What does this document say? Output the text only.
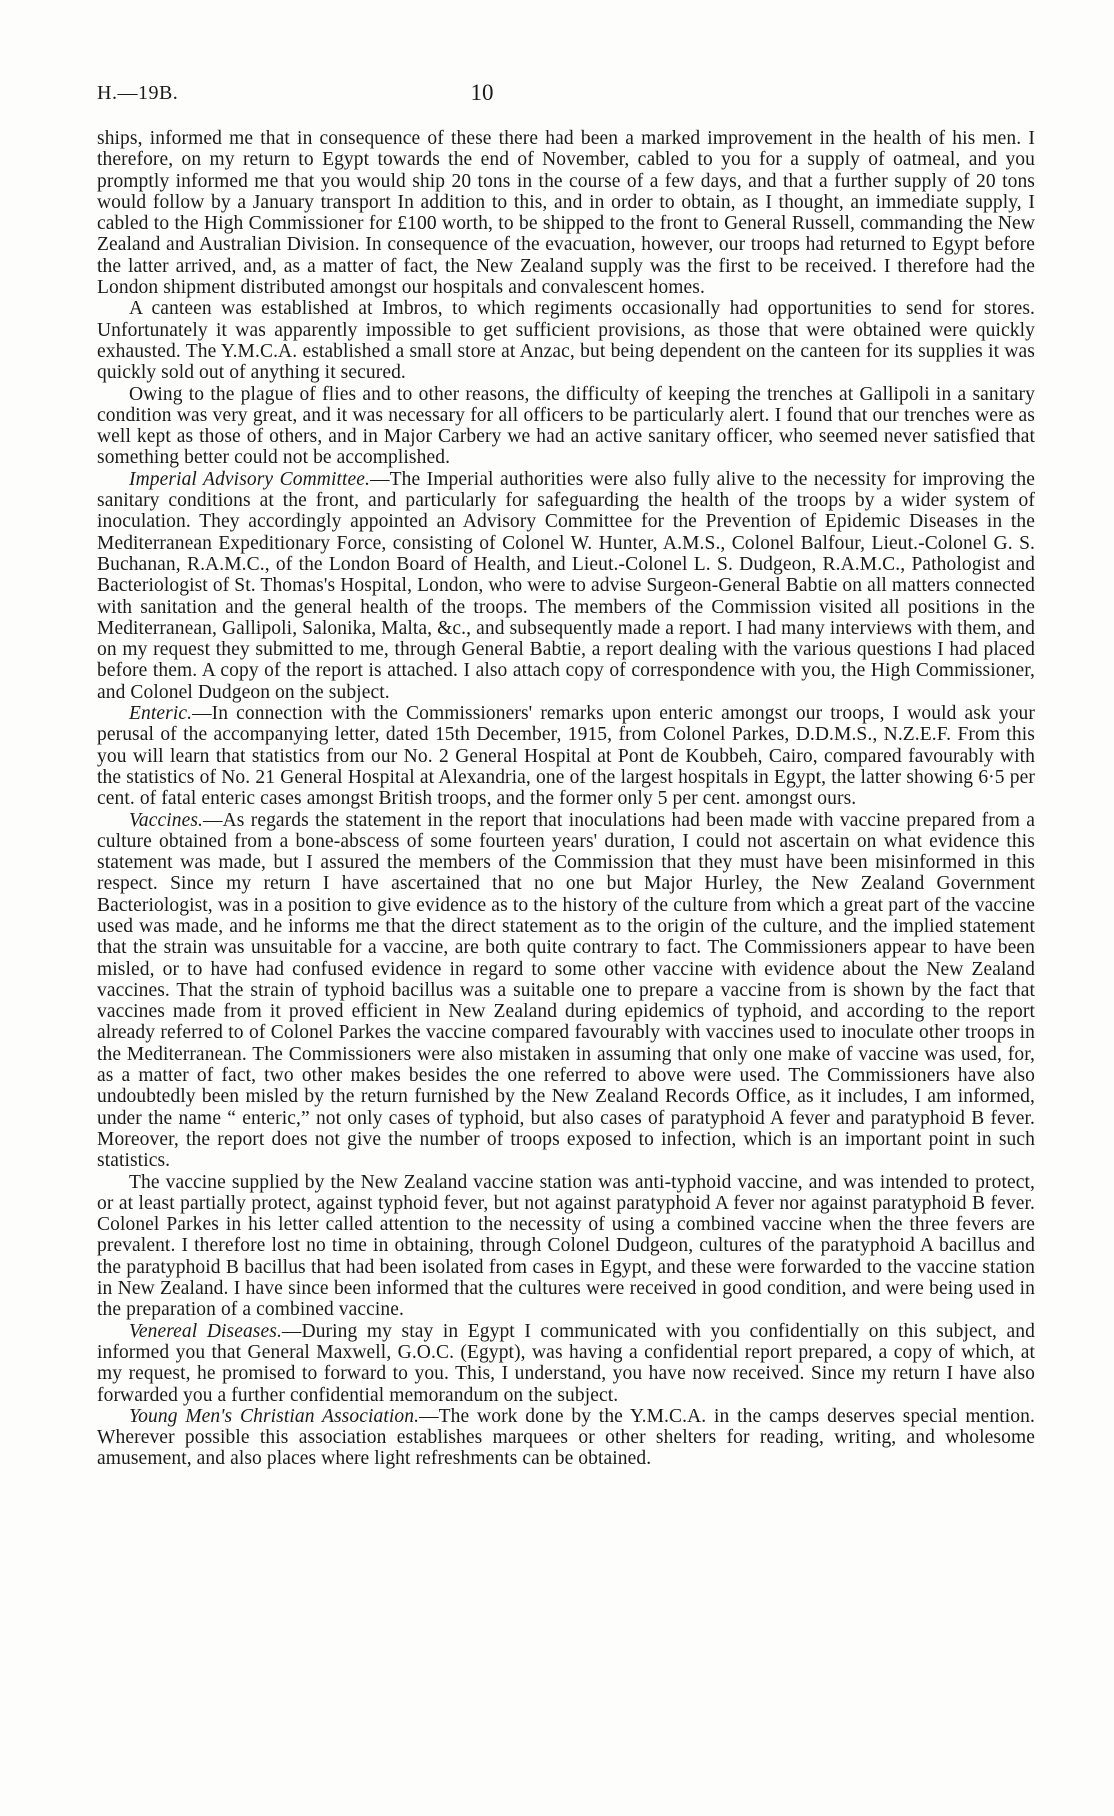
H.—19B.	10

ships, informed me that in consequence of these there had been a marked improvement in the health of his men. I therefore, on my return to Egypt towards the end of November, cabled to you for a supply of oatmeal, and you promptly informed me that you would ship 20 tons in the course of a few days, and that a further supply of 20 tons would follow by a January transport In addition to this, and in order to obtain, as I thought, an immediate supply, I cabled to the High Commissioner for £100 worth, to be shipped to the front to General Russell, commanding the New Zealand and Australian Division. In consequence of the evacuation, however, our troops had returned to Egypt before the latter arrived, and, as a matter of fact, the New Zealand supply was the first to be received. I therefore had the London shipment distributed amongst our hospitals and convalescent homes.

A canteen was established at Imbros, to which regiments occasionally had opportunities to send for stores. Unfortunately it was apparently impossible to get sufficient provisions, as those that were obtained were quickly exhausted. The Y.M.C.A. established a small store at Anzac, but being dependent on the canteen for its supplies it was quickly sold out of anything it secured.

Owing to the plague of flies and to other reasons, the difficulty of keeping the trenches at Gallipoli in a sanitary condition was very great, and it was necessary for all officers to be particularly alert. I found that our trenches were as well kept as those of others, and in Major Carbery we had an active sanitary officer, who seemed never satisfied that something better could not be accomplished.

Imperial Advisory Committee.—The Imperial authorities were also fully alive to the necessity for improving the sanitary conditions at the front, and particularly for safeguarding the health of the troops by a wider system of inoculation. They accordingly appointed an Advisory Committee for the Prevention of Epidemic Diseases in the Mediterranean Expeditionary Force, consisting of Colonel W. Hunter, A.M.S., Colonel Balfour, Lieut.-Colonel G. S. Buchanan, R.A.M.C., of the London Board of Health, and Lieut.-Colonel L. S. Dudgeon, R.A.M.C., Pathologist and Bacteriologist of St. Thomas's Hospital, London, who were to advise Surgeon-General Babtie on all matters connected with sanitation and the general health of the troops. The members of the Commission visited all positions in the Mediterranean, Gallipoli, Salonika, Malta, &c., and subsequently made a report. I had many interviews with them, and on my request they submitted to me, through General Babtie, a report dealing with the various questions I had placed before them. A copy of the report is attached. I also attach copy of correspondence with you, the High Commissioner, and Colonel Dudgeon on the subject.

Enteric.—In connection with the Commissioners' remarks upon enteric amongst our troops, I would ask your perusal of the accompanying letter, dated 15th December, 1915, from Colonel Parkes, D.D.M.S., N.Z.E.F. From this you will learn that statistics from our No. 2 General Hospital at Pont de Koubbeh, Cairo, compared favourably with the statistics of No. 21 General Hospital at Alexandria, one of the largest hospitals in Egypt, the latter showing 6·5 per cent. of fatal enteric cases amongst British troops, and the former only 5 per cent. amongst ours.

Vaccines.—As regards the statement in the report that inoculations had been made with vaccine prepared from a culture obtained from a bone-abscess of some fourteen years' duration, I could not ascertain on what evidence this statement was made, but I assured the members of the Commission that they must have been misinformed in this respect. Since my return I have ascertained that no one but Major Hurley, the New Zealand Government Bacteriologist, was in a position to give evidence as to the history of the culture from which a great part of the vaccine used was made, and he informs me that the direct statement as to the origin of the culture, and the implied statement that the strain was unsuitable for a vaccine, are both quite contrary to fact. The Commissioners appear to have been misled, or to have had confused evidence in regard to some other vaccine with evidence about the New Zealand vaccines. That the strain of typhoid bacillus was a suitable one to prepare a vaccine from is shown by the fact that vaccines made from it proved efficient in New Zealand during epidemics of typhoid, and according to the report already referred to of Colonel Parkes the vaccine compared favourably with vaccines used to inoculate other troops in the Mediterranean. The Commissioners were also mistaken in assuming that only one make of vaccine was used, for, as a matter of fact, two other makes besides the one referred to above were used. The Commissioners have also undoubtedly been misled by the return furnished by the New Zealand Records Office, as it includes, I am informed, under the name “ enteric,” not only cases of typhoid, but also cases of paratyphoid A fever and paratyphoid B fever. Moreover, the report does not give the number of troops exposed to infection, which is an important point in such statistics.

The vaccine supplied by the New Zealand vaccine station was anti-typhoid vaccine, and was intended to protect, or at least partially protect, against typhoid fever, but not against paratyphoid A fever nor against paratyphoid B fever. Colonel Parkes in his letter called attention to the necessity of using a combined vaccine when the three fevers are prevalent. I therefore lost no time in obtaining, through Colonel Dudgeon, cultures of the paratyphoid A bacillus and the paratyphoid B bacillus that had been isolated from cases in Egypt, and these were forwarded to the vaccine station in New Zealand. I have since been informed that the cultures were received in good condition, and were being used in the preparation of a combined vaccine.

Venereal Diseases.—During my stay in Egypt I communicated with you confidentially on this subject, and informed you that General Maxwell, G.O.C. (Egypt), was having a confidential report prepared, a copy of which, at my request, he promised to forward to you. This, I understand, you have now received. Since my return I have also forwarded you a further confidential memorandum on the subject.

Young Men's Christian Association.—The work done by the Y.M.C.A. in the camps deserves special mention. Wherever possible this association establishes marquees or other shelters for reading, writing, and wholesome amusement, and also places where light refreshments can be obtained.
